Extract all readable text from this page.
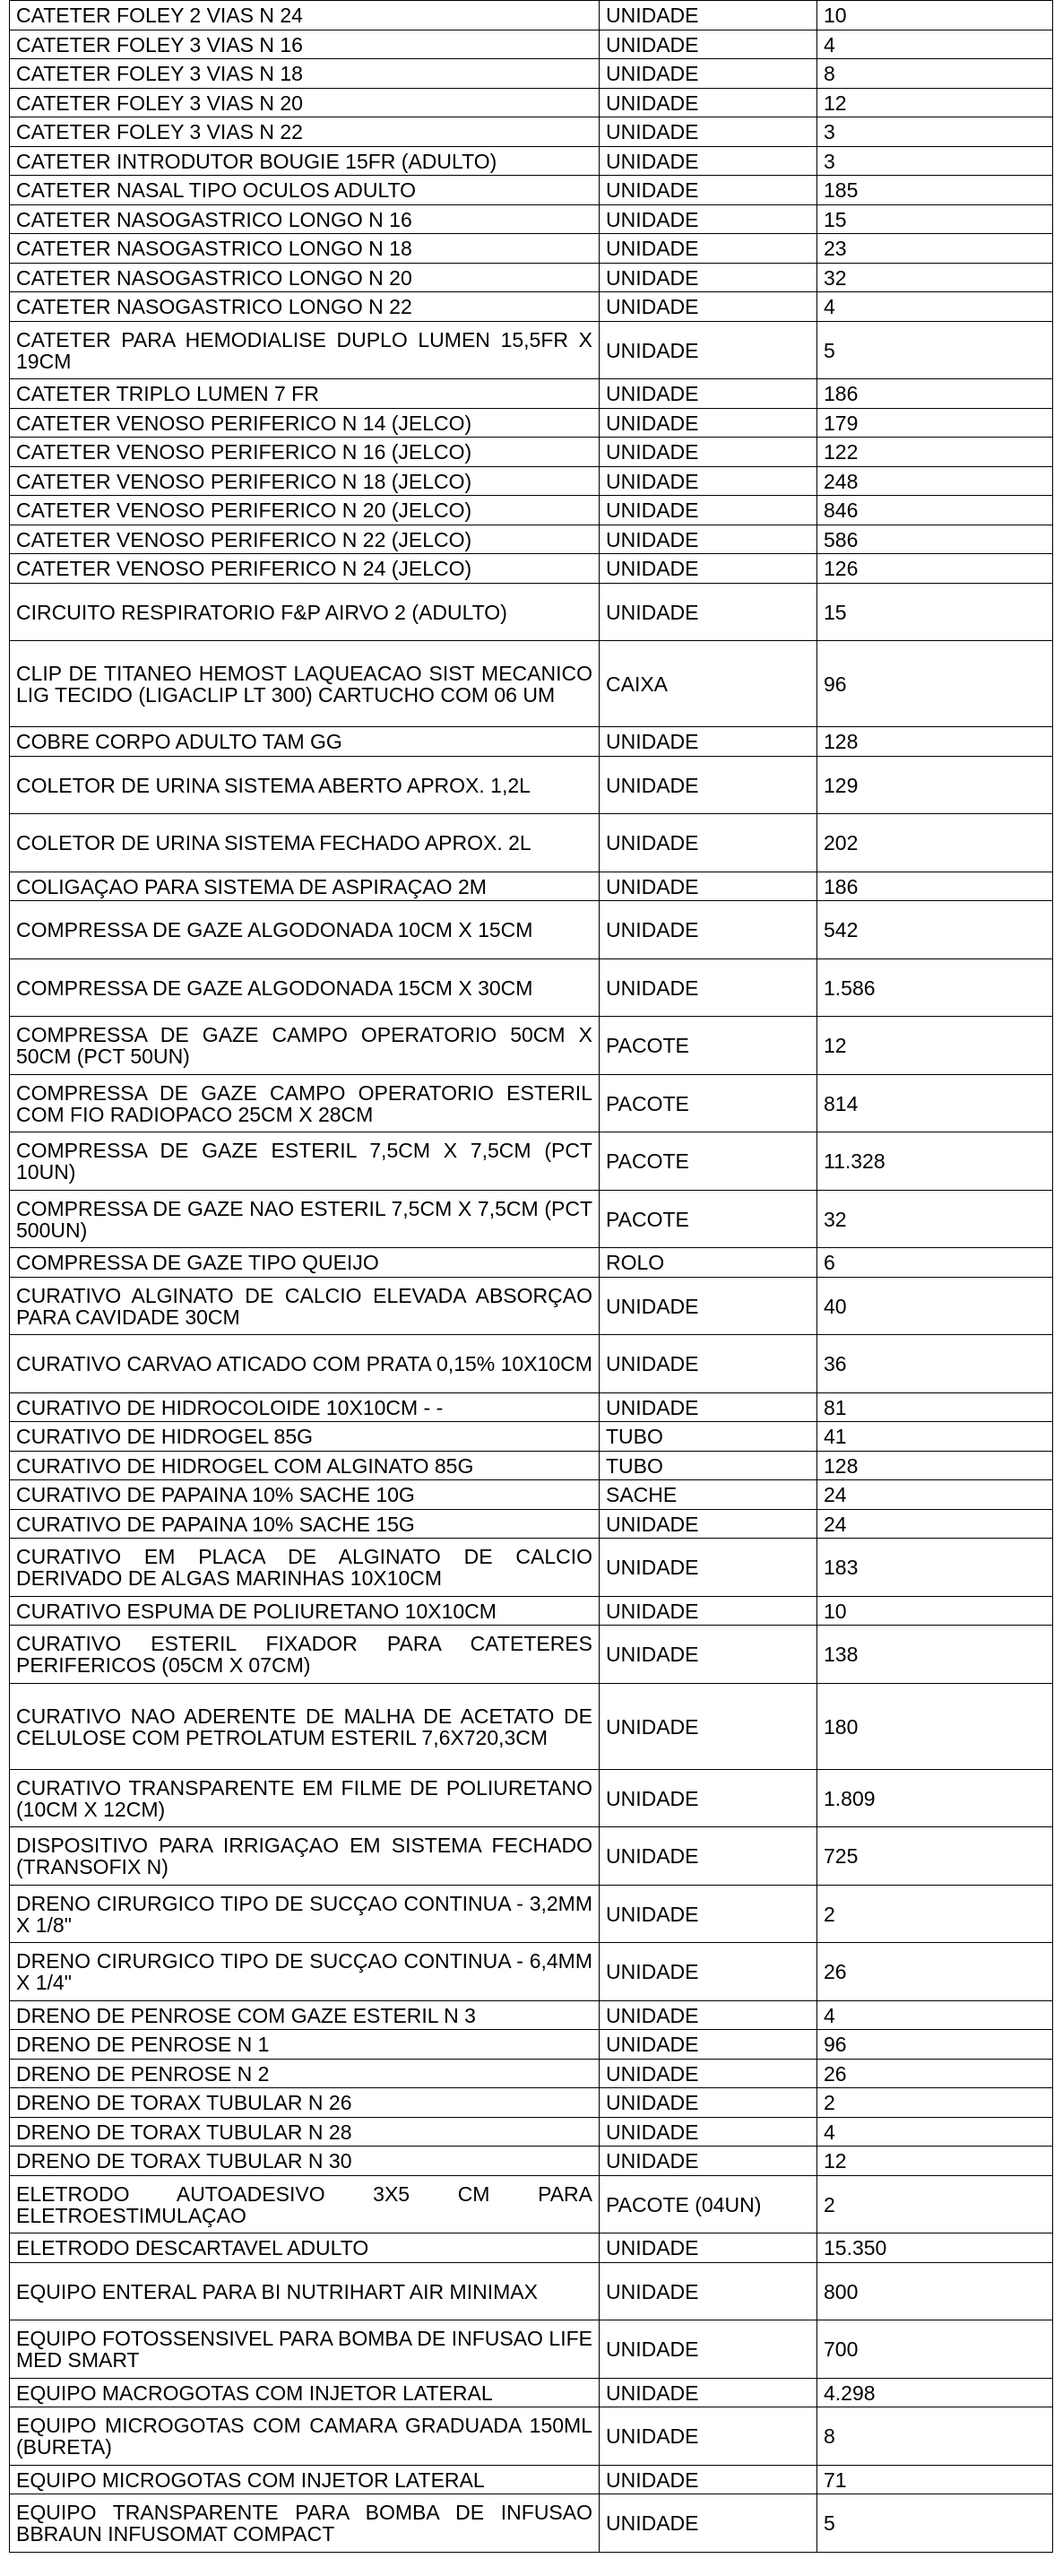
CATETER FOLEY 2 VIAS N 24	UNIDADE	10
CATETER FOLEY 3 VIAS N 16	UNIDADE	4
CATETER FOLEY 3 VIAS N 18	UNIDADE	8
CATETER FOLEY 3 VIAS N 20	UNIDADE	12
CATETER FOLEY 3 VIAS N 22	UNIDADE	3
CATETER INTRODUTOR BOUGIE 15FR (ADULTO)	UNIDADE	3
CATETER NASAL TIPO OCULOS ADULTO	UNIDADE	185
CATETER NASOGASTRICO LONGO N 16	UNIDADE	15
CATETER NASOGASTRICO LONGO N 18	UNIDADE	23
CATETER NASOGASTRICO LONGO N 20	UNIDADE	32
CATETER NASOGASTRICO LONGO N 22	UNIDADE	4
CATETER PARA HEMODIALISE DUPLO LUMEN 15,5FR X 19CM	UNIDADE	5
CATETER TRIPLO LUMEN 7 FR	UNIDADE	186
CATETER VENOSO PERIFERICO N 14 (JELCO)	UNIDADE	179
CATETER VENOSO PERIFERICO N 16 (JELCO)	UNIDADE	122
CATETER VENOSO PERIFERICO N 18 (JELCO)	UNIDADE	248
CATETER VENOSO PERIFERICO N 20 (JELCO)	UNIDADE	846
CATETER VENOSO PERIFERICO N 22 (JELCO)	UNIDADE	586
CATETER VENOSO PERIFERICO N 24 (JELCO)	UNIDADE	126
CIRCUITO RESPIRATORIO F&P AIRVO 2 (ADULTO)	UNIDADE	15
CLIP DE TITANEO HEMOST LAQUEACAO SIST MECANICO LIG TECIDO (LIGACLIP LT 300) CARTUCHO COM 06 UM	CAIXA	96
COBRE CORPO ADULTO TAM GG	UNIDADE	128
COLETOR DE URINA SISTEMA ABERTO APROX. 1,2L	UNIDADE	129
COLETOR DE URINA SISTEMA FECHADO APROX. 2L	UNIDADE	202
COLIGAÇAO PARA SISTEMA DE ASPIRAÇAO 2M	UNIDADE	186
COMPRESSA DE GAZE ALGODONADA 10CM X 15CM	UNIDADE	542
COMPRESSA DE GAZE ALGODONADA 15CM X 30CM	UNIDADE	1.586
COMPRESSA DE GAZE CAMPO OPERATORIO 50CM X 50CM (PCT 50UN)	PACOTE	12
COMPRESSA DE GAZE CAMPO OPERATORIO ESTERIL COM FIO RADIOPACO 25CM X 28CM	PACOTE	814
COMPRESSA DE GAZE ESTERIL 7,5CM X 7,5CM (PCT 10UN)	PACOTE	11.328
COMPRESSA DE GAZE NAO ESTERIL 7,5CM X 7,5CM (PCT 500UN)	PACOTE	32
COMPRESSA DE GAZE TIPO QUEIJO	ROLO	6
CURATIVO ALGINATO DE CALCIO ELEVADA ABSORÇAO PARA CAVIDADE 30CM	UNIDADE	40
CURATIVO CARVAO ATICADO COM PRATA 0,15% 10X10CM	UNIDADE	36
CURATIVO DE HIDROCOLOIDE 10X10CM - -	UNIDADE	81
CURATIVO DE HIDROGEL 85G	TUBO	41
CURATIVO DE HIDROGEL COM ALGINATO 85G	TUBO	128
CURATIVO DE PAPAINA 10% SACHE 10G	SACHE	24
CURATIVO DE PAPAINA 10% SACHE 15G	UNIDADE	24
CURATIVO EM PLACA DE ALGINATO DE CALCIO DERIVADO DE ALGAS MARINHAS 10X10CM	UNIDADE	183
CURATIVO ESPUMA DE POLIURETANO 10X10CM	UNIDADE	10
CURATIVO ESTERIL FIXADOR PARA CATETERES PERIFERICOS (05CM X 07CM)	UNIDADE	138
CURATIVO NAO ADERENTE DE MALHA DE ACETATO DE CELULOSE COM PETROLATUM ESTERIL 7,6X720,3CM	UNIDADE	180
CURATIVO TRANSPARENTE EM FILME DE POLIURETANO (10CM X 12CM)	UNIDADE	1.809
DISPOSITIVO PARA IRRIGAÇAO EM SISTEMA FECHADO (TRANSOFIX N)	UNIDADE	725
DRENO CIRURGICO TIPO DE SUCÇAO CONTINUA - 3,2MM X 1/8"	UNIDADE	2
DRENO CIRURGICO TIPO DE SUCÇAO CONTINUA - 6,4MM X 1/4"	UNIDADE	26
DRENO DE PENROSE COM GAZE ESTERIL N 3	UNIDADE	4
DRENO DE PENROSE N 1	UNIDADE	96
DRENO DE PENROSE N 2	UNIDADE	26
DRENO DE TORAX TUBULAR N 26	UNIDADE	2
DRENO DE TORAX TUBULAR N 28	UNIDADE	4
DRENO DE TORAX TUBULAR N 30	UNIDADE	12
ELETRODO AUTOADESIVO 3X5 CM PARA ELETROESTIMULAÇAO	PACOTE (04UN)	2
ELETRODO DESCARTAVEL ADULTO	UNIDADE	15.350
EQUIPO ENTERAL PARA BI NUTRIHART AIR MINIMAX	UNIDADE	800
EQUIPO FOTOSSENSIVEL PARA BOMBA DE INFUSAO LIFE MED SMART	UNIDADE	700
EQUIPO MACROGOTAS COM INJETOR LATERAL	UNIDADE	4.298
EQUIPO MICROGOTAS COM CAMARA GRADUADA 150ML (BURETA)	UNIDADE	8
EQUIPO MICROGOTAS COM INJETOR LATERAL	UNIDADE	71
EQUIPO TRANSPARENTE PARA BOMBA DE INFUSAO BBRAUN INFUSOMAT COMPACT	UNIDADE	5
